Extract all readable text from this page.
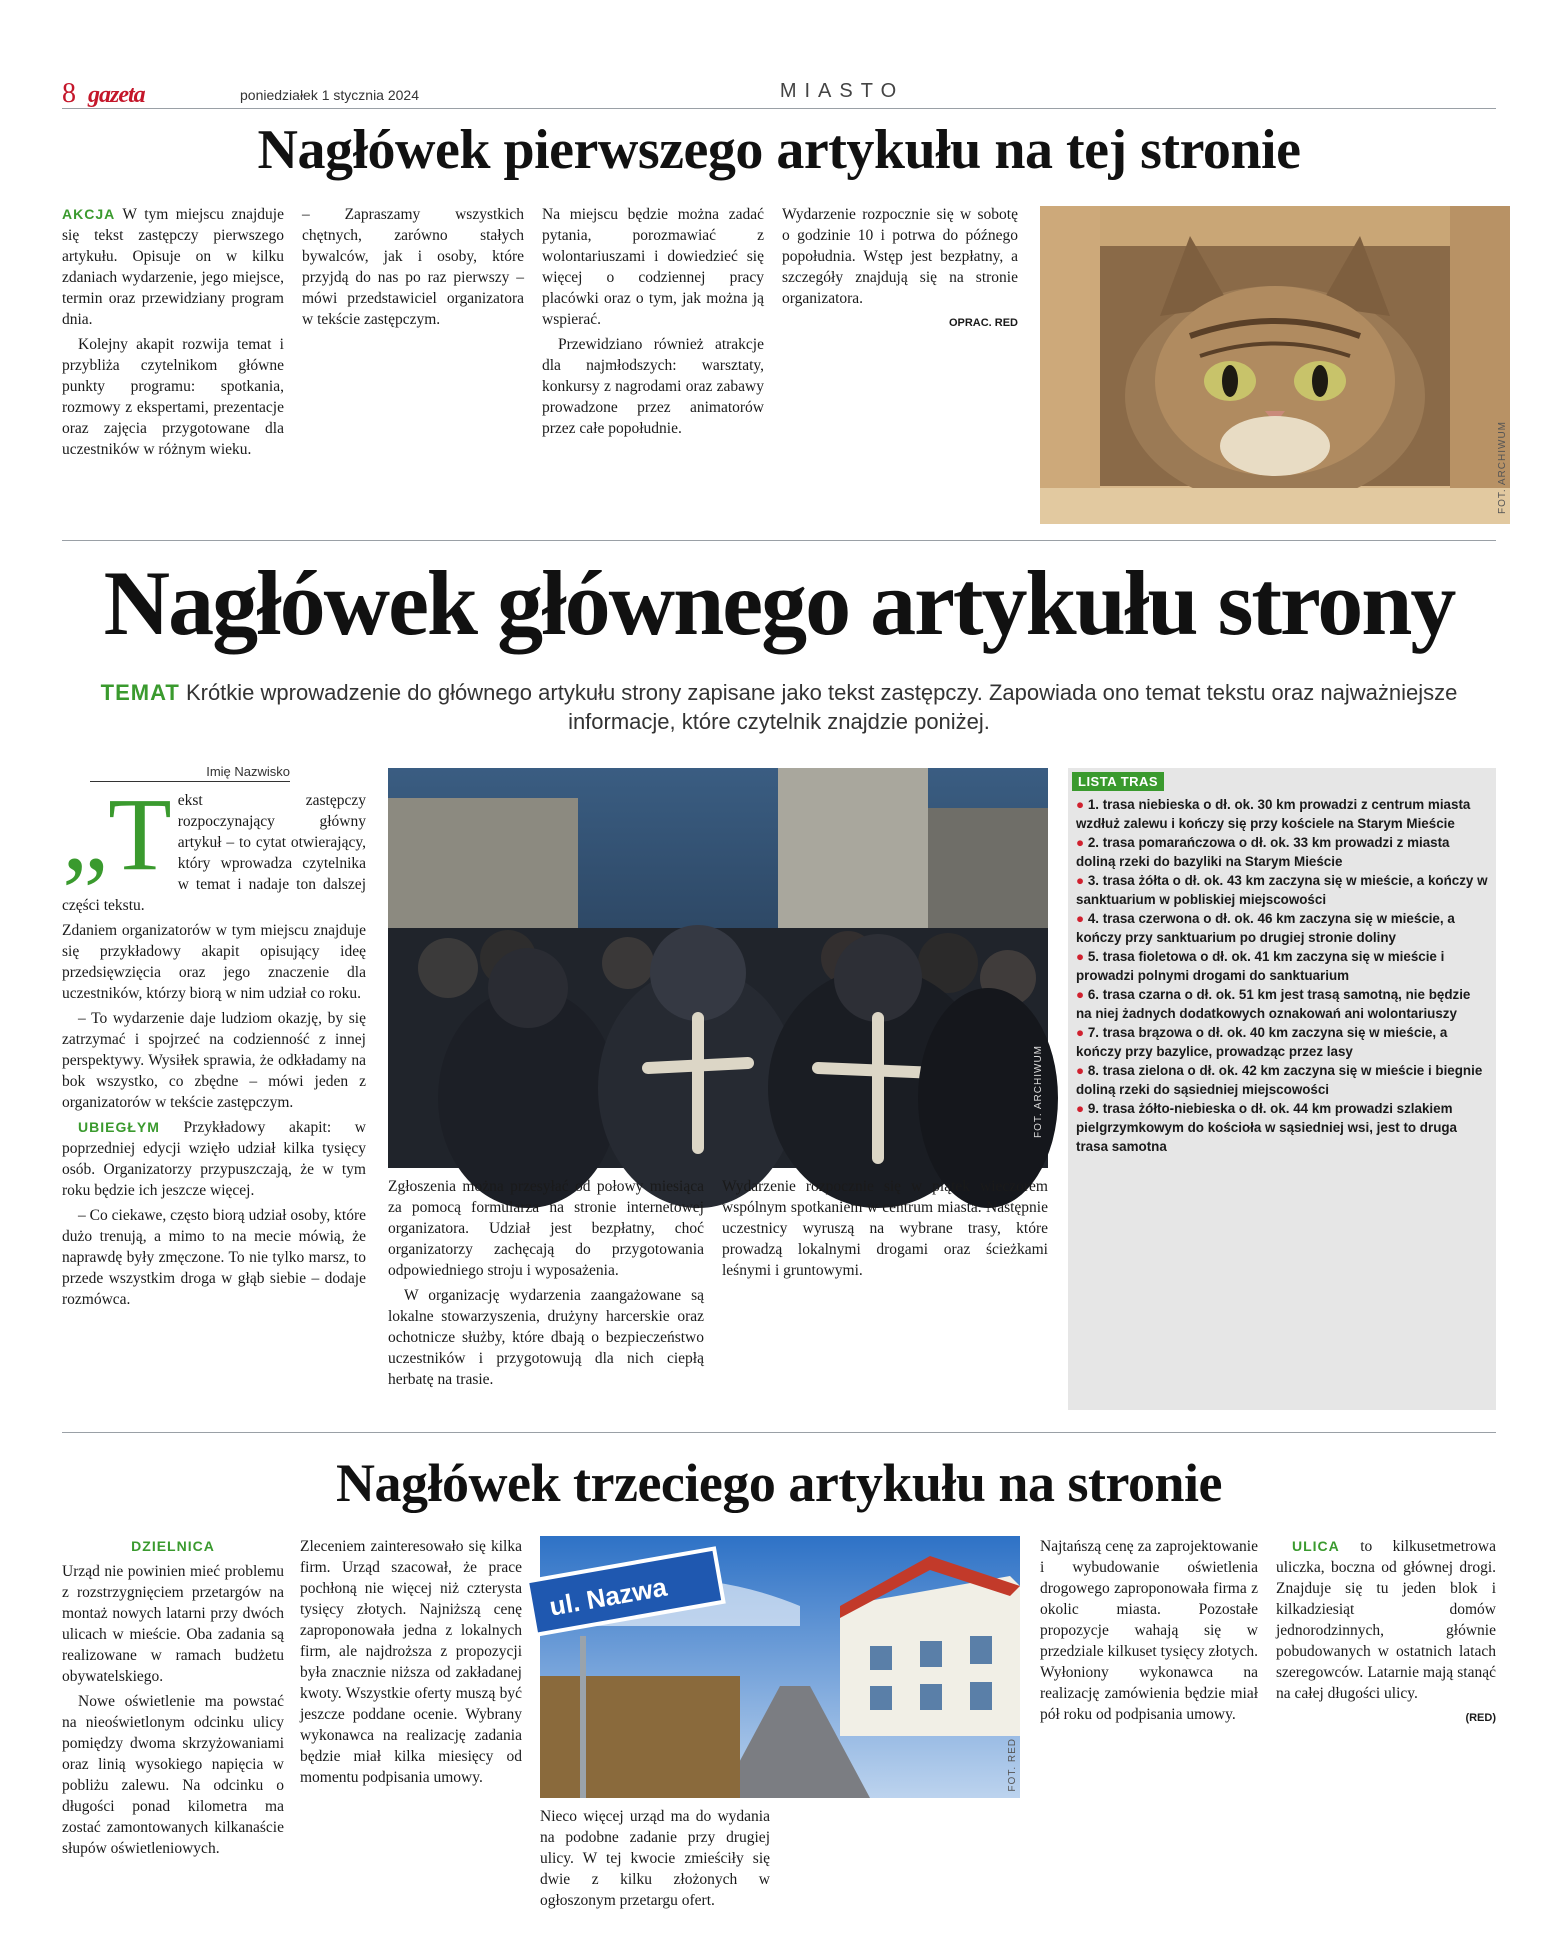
8 gazeta	poniedziałek 1 stycznia 2024	MIASTO
Nagłówek pierwszego artykułu na tej stronie

AKCJA W tym miejscu znajduje się tekst zastępczy pierwszego artykułu. Opisuje on w kilku zdaniach wydarzenie, jego miejsce, termin oraz przewidziany program dnia.

Kolejny akapit rozwija temat i przybliża czytelnikom główne punkty programu: spotkania, rozmowy z ekspertami, prezentacje oraz zajęcia przygotowane dla uczestników w różnym wieku.

– Zapraszamy wszystkich chętnych, zarówno stałych bywalców, jak i osoby, które przyjdą do nas po raz pierwszy – mówi przedstawiciel organizatora w tekście zastępczym.

Na miejscu będzie można zadać pytania, porozmawiać z wolontariuszami i dowiedzieć się więcej o codziennej pracy placówki oraz o tym, jak można ją wspierać.

Przewidziano również atrakcje dla najmłodszych: warsztaty, konkursy z nagrodami oraz zabawy prowadzone przez animatorów przez całe popołudnie.

Wydarzenie rozpocznie się w sobotę o godzinie 10 i potrwa do późnego popołudnia. Wstęp jest bezpłatny, a szczegóły znajdują się na stronie organizatora.

OPRAC. RED
FOT. ARCHIWUM
Nagłówek głównego artykułu strony
TEMAT Krótkie wprowadzenie do głównego artykułu strony zapisane jako tekst zastępczy. Zapowiada ono temat tekstu oraz najważniejsze informacje, które czytelnik znajdzie poniżej.
Imię Nazwisko

„Tekst zastępczy rozpoczynający główny artykuł – to cytat otwierający, który wprowadza czytelnika w temat i nadaje ton dalszej części tekstu.

Zdaniem organizatorów w tym miejscu znajduje się przykładowy akapit opisujący ideę przedsięwzięcia oraz jego znaczenie dla uczestników, którzy biorą w nim udział co roku.

– To wydarzenie daje ludziom okazję, by się zatrzymać i spojrzeć na codzienność z innej perspektywy. Wysiłek sprawia, że odkładamy na bok wszystko, co zbędne – mówi jeden z organizatorów w tekście zastępczym.

UBIEGŁYM Przykładowy akapit: w poprzedniej edycji wzięło udział kilka tysięcy osób. Organizatorzy przypuszczają, że w tym roku będzie ich jeszcze więcej.

– Co ciekawe, często biorą udział osoby, które dużo trenują, a mimo to na mecie mówią, że naprawdę były zmęczone. To nie tylko marsz, to przede wszystkim droga w głąb siebie – dodaje rozmówca.

FOT. ARCHIWUM

Zgłoszenia można przesyłać od połowy miesiąca za pomocą formularza na stronie internetowej organizatora. Udział jest bezpłatny, choć organizatorzy zachęcają do przygotowania odpowiedniego stroju i wyposażenia.

W organizację wydarzenia zaangażowane są lokalne stowarzyszenia, drużyny harcerskie oraz ochotnicze służby, które dbają o bezpieczeństwo uczestników i przygotowują dla nich ciepłą herbatę na trasie.

Wydarzenie rozpocznie się w piątek wieczorem wspólnym spotkaniem w centrum miasta. Następnie uczestnicy wyruszą na wybrane trasy, które prowadzą lokalnymi drogami oraz ścieżkami leśnymi i gruntowymi.

LISTA TRAS

● 1. trasa niebieska o dł. ok. 30 km prowadzi z centrum miasta wzdłuż zalewu i kończy się przy kościele na Starym Mieście

● 2. trasa pomarańczowa o dł. ok. 33 km prowadzi z miasta doliną rzeki do bazyliki na Starym Mieście

● 3. trasa żółta o dł. ok. 43 km zaczyna się w mieście, a kończy w sanktuarium w pobliskiej miejscowości

● 4. trasa czerwona o dł. ok. 46 km zaczyna się w mieście, a kończy przy sanktuarium po drugiej stronie doliny

● 5. trasa fioletowa o dł. ok. 41 km zaczyna się w mieście i prowadzi polnymi drogami do sanktuarium

● 6. trasa czarna o dł. ok. 51 km jest trasą samotną, nie będzie na niej żadnych dodatkowych oznakowań ani wolontariuszy

● 7. trasa brązowa o dł. ok. 40 km zaczyna się w mieście, a kończy przy bazylice, prowadząc przez lasy

● 8. trasa zielona o dł. ok. 42 km zaczyna się w mieście i biegnie doliną rzeki do sąsiedniej miejscowości

● 9. trasa żółto-niebieska o dł. ok. 44 km prowadzi szlakiem pielgrzymkowym do kościoła w sąsiedniej wsi, jest to druga trasa samotna

Nagłówek trzeciego artykułu na stronie

DZIELNICA

Urząd nie powinien mieć problemu z rozstrzygnięciem przetargów na montaż nowych latarni przy dwóch ulicach w mieście. Oba zadania są realizowane w ramach budżetu obywatelskiego.

Nowe oświetlenie ma powstać na nieoświetlonym odcinku ulicy pomiędzy dwoma skrzyżowaniami oraz linią wysokiego napięcia w pobliżu zalewu. Na odcinku o długości ponad kilometra ma zostać zamontowanych kilkanaście słupów oświetleniowych.

Zleceniem zainteresowało się kilka firm. Urząd szacował, że prace pochłoną nie więcej niż czterysta tysięcy złotych. Najniższą cenę zaproponowała jedna z lokalnych firm, ale najdroższa z propozycji była znacznie niższa od zakładanej kwoty. Wszystkie oferty muszą być jeszcze poddane ocenie. Wybrany wykonawca na realizację zadania będzie miał kilka miesięcy od momentu podpisania umowy.

ul. Nazwa
FOT. RED

Nieco więcej urząd ma do wydania na podobne zadanie przy drugiej ulicy. W tej kwocie zmieściły się dwie z kilku złożonych w ogłoszonym przetargu ofert.

Najtańszą cenę za zaprojektowanie i wybudowanie oświetlenia drogowego zaproponowała firma z okolic miasta. Pozostałe propozycje wahają się w przedziale kilkuset tysięcy złotych. Wyłoniony wykonawca na realizację zamówienia będzie miał pół roku od podpisania umowy.

ULICA to kilkusetmetrowa uliczka, boczna od głównej drogi. Znajduje się tu jeden blok i kilkadziesiąt domów jednorodzinnych, głównie pobudowanych w ostatnich latach szeregowców. Latarnie mają stanąć na całej długości ulicy.

(RED)
